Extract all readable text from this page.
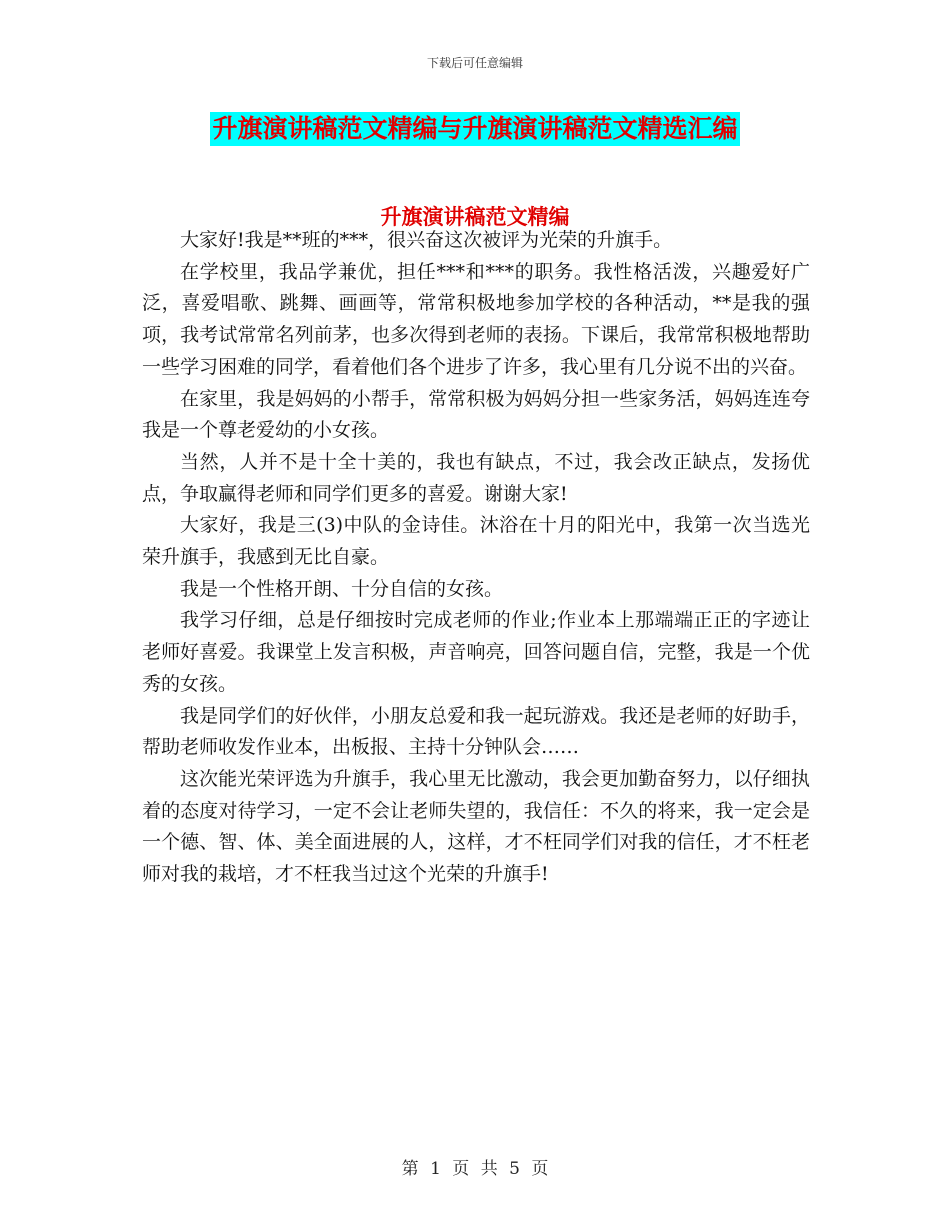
下载后可任意编辑
升旗演讲稿范文精编与升旗演讲稿范文精选汇编
升旗演讲稿范文精编

大家好!我是**班的***，很兴奋这次被评为光荣的升旗手。

在学校里，我品学兼优，担任***和***的职务。我性格活泼，兴趣爱好广泛，喜爱唱歌、跳舞、画画等，常常积极地参加学校的各种活动，**是我的强项，我考试常常名列前茅，也多次得到老师的表扬。下课后，我常常积极地帮助一些学习困难的同学，看着他们各个进步了许多，我心里有几分说不出的兴奋。

在家里，我是妈妈的小帮手，常常积极为妈妈分担一些家务活，妈妈连连夸我是一个尊老爱幼的小女孩。

当然，人并不是十全十美的，我也有缺点，不过，我会改正缺点，发扬优点，争取赢得老师和同学们更多的喜爱。谢谢大家!

大家好，我是三(3)中队的金诗佳。沐浴在十月的阳光中，我第一次当选光荣升旗手，我感到无比自豪。

我是一个性格开朗、十分自信的女孩。

我学习仔细，总是仔细按时完成老师的作业;作业本上那端端正正的字迹让老师好喜爱。我课堂上发言积极，声音响亮，回答问题自信，完整，我是一个优秀的女孩。

我是同学们的好伙伴，小朋友总爱和我一起玩游戏。我还是老师的好助手，帮助老师收发作业本，出板报、主持十分钟队会……

这次能光荣评选为升旗手，我心里无比激动，我会更加勤奋努力，以仔细执着的态度对待学习，一定不会让老师失望的，我信任：不久的将来，我一定会是一个德、智、体、美全面进展的人，这样，才不枉同学们对我的信任，才不枉老师对我的栽培，才不枉我当过这个光荣的升旗手!

第 1 页 共 5 页
